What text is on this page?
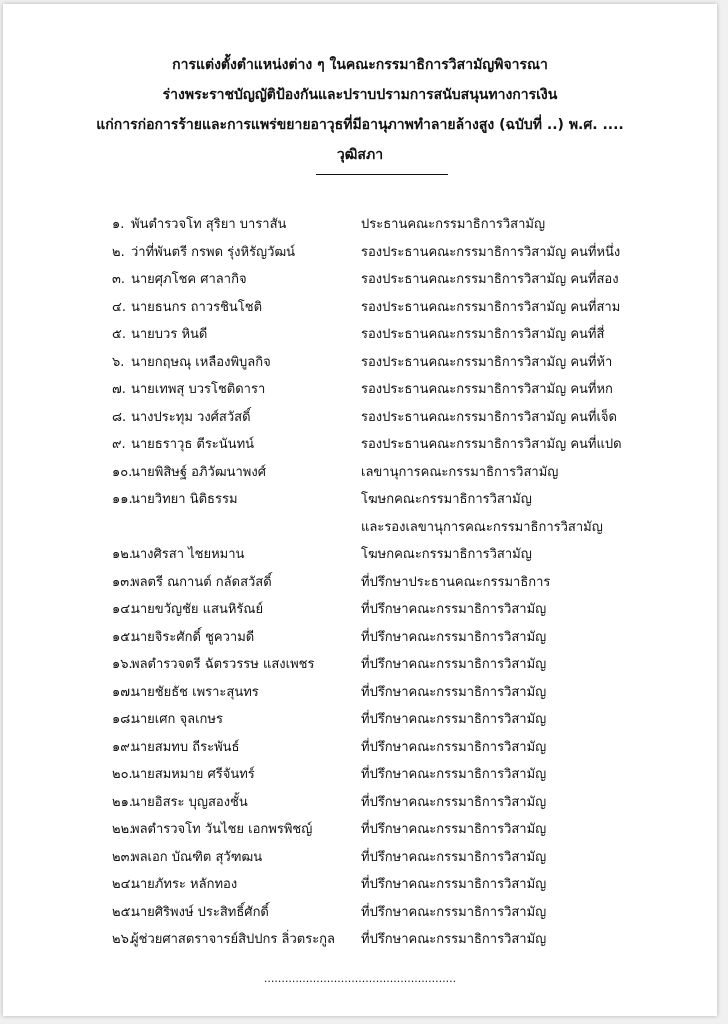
การแต่งตั้งตำแหน่งต่าง ๆ ในคณะกรรมาธิการวิสามัญพิจารณา
ร่างพระราชบัญญัติป้องกันและปราบปรามการสนับสนุนทางการเงิน
แก่การก่อการร้ายและการแพร่ขยายอาวุธที่มีอานุภาพทำลายล้างสูง (ฉบับที่ ..) พ.ศ. ....
วุฒิสภา
๑. พันตำรวจโท สุริยา บาราสัน	ประธานคณะกรรมาธิการวิสามัญ
๒. ว่าที่พันตรี กรพด รุ่งหิรัญวัฒน์	รองประธานคณะกรรมาธิการวิสามัญ คนที่หนึ่ง
๓. นายศุภโชค ศาลากิจ	รองประธานคณะกรรมาธิการวิสามัญ คนที่สอง
๔. นายธนกร ถาวรชินโชติ	รองประธานคณะกรรมาธิการวิสามัญ คนที่สาม
๕. นายบวร หินดี	รองประธานคณะกรรมาธิการวิสามัญ คนที่สี่
๖. นายกฤษณุ เหลืองพิบูลกิจ	รองประธานคณะกรรมาธิการวิสามัญ คนที่ห้า
๗. นายเทพสุ บวรโชติดารา	รองประธานคณะกรรมาธิการวิสามัญ คนที่หก
๘. นางประทุม วงศ์สวัสดิ์	รองประธานคณะกรรมาธิการวิสามัญ คนที่เจ็ด
๙. นายธราวุธ ตีระนันทน์	รองประธานคณะกรรมาธิการวิสามัญ คนที่แปด
๑๐.
นายพิสิษฐ์ อภิวัฒนาพงศ์	เลขานุการคณะกรรมาธิการวิสามัญ
๑๑.
นายวิทยา นิติธรรม	โฆษกคณะกรรมาธิการวิสามัญ
และรองเลขานุการคณะกรรมาธิการวิสามัญ
๑๒.
นางศิรสา ไชยหมาน	โฆษกคณะกรรมาธิการวิสามัญ
๑๓.
พลตรี ณกานต์ กลัดสวัสดิ์	ที่ปรึกษาประธานคณะกรรมาธิการ
๑๔.
นายขวัญชัย แสนหิรัณย์	ที่ปรึกษาคณะกรรมาธิการวิสามัญ
๑๕.
นายจิระศักดิ์ ชูความดี	ที่ปรึกษาคณะกรรมาธิการวิสามัญ
๑๖.
พลตำรวจตรี ฉัตรวรรษ แสงเพชร	ที่ปรึกษาคณะกรรมาธิการวิสามัญ
๑๗.
นายชัยธัช เพราะสุนทร	ที่ปรึกษาคณะกรรมาธิการวิสามัญ
๑๘.
นายเศก จุลเกษร	ที่ปรึกษาคณะกรรมาธิการวิสามัญ
๑๙.
นายสมทบ ถีระพันธ์	ที่ปรึกษาคณะกรรมาธิการวิสามัญ
๒๐.
นายสมหมาย ศรีจันทร์	ที่ปรึกษาคณะกรรมาธิการวิสามัญ
๒๑.
นายอิสระ บุญสองชั้น	ที่ปรึกษาคณะกรรมาธิการวิสามัญ
๒๒.
พลตำรวจโท วันไชย เอกพรพิชญ์	ที่ปรึกษาคณะกรรมาธิการวิสามัญ
๒๓.
พลเอก บัณฑิต สุวัฑฒน	ที่ปรึกษาคณะกรรมาธิการวิสามัญ
๒๔.
นายภัทระ หลักทอง	ที่ปรึกษาคณะกรรมาธิการวิสามัญ
๒๕.
นายศิริพงษ์ ประสิทธิ์ศักดิ์	ที่ปรึกษาคณะกรรมาธิการวิสามัญ
๒๖.
ผู้ช่วยศาสตราจารย์สิปปกร ลิ่วตระกูล ที่ปรึกษาคณะกรรมาธิการวิสามัญ
.......................................................
